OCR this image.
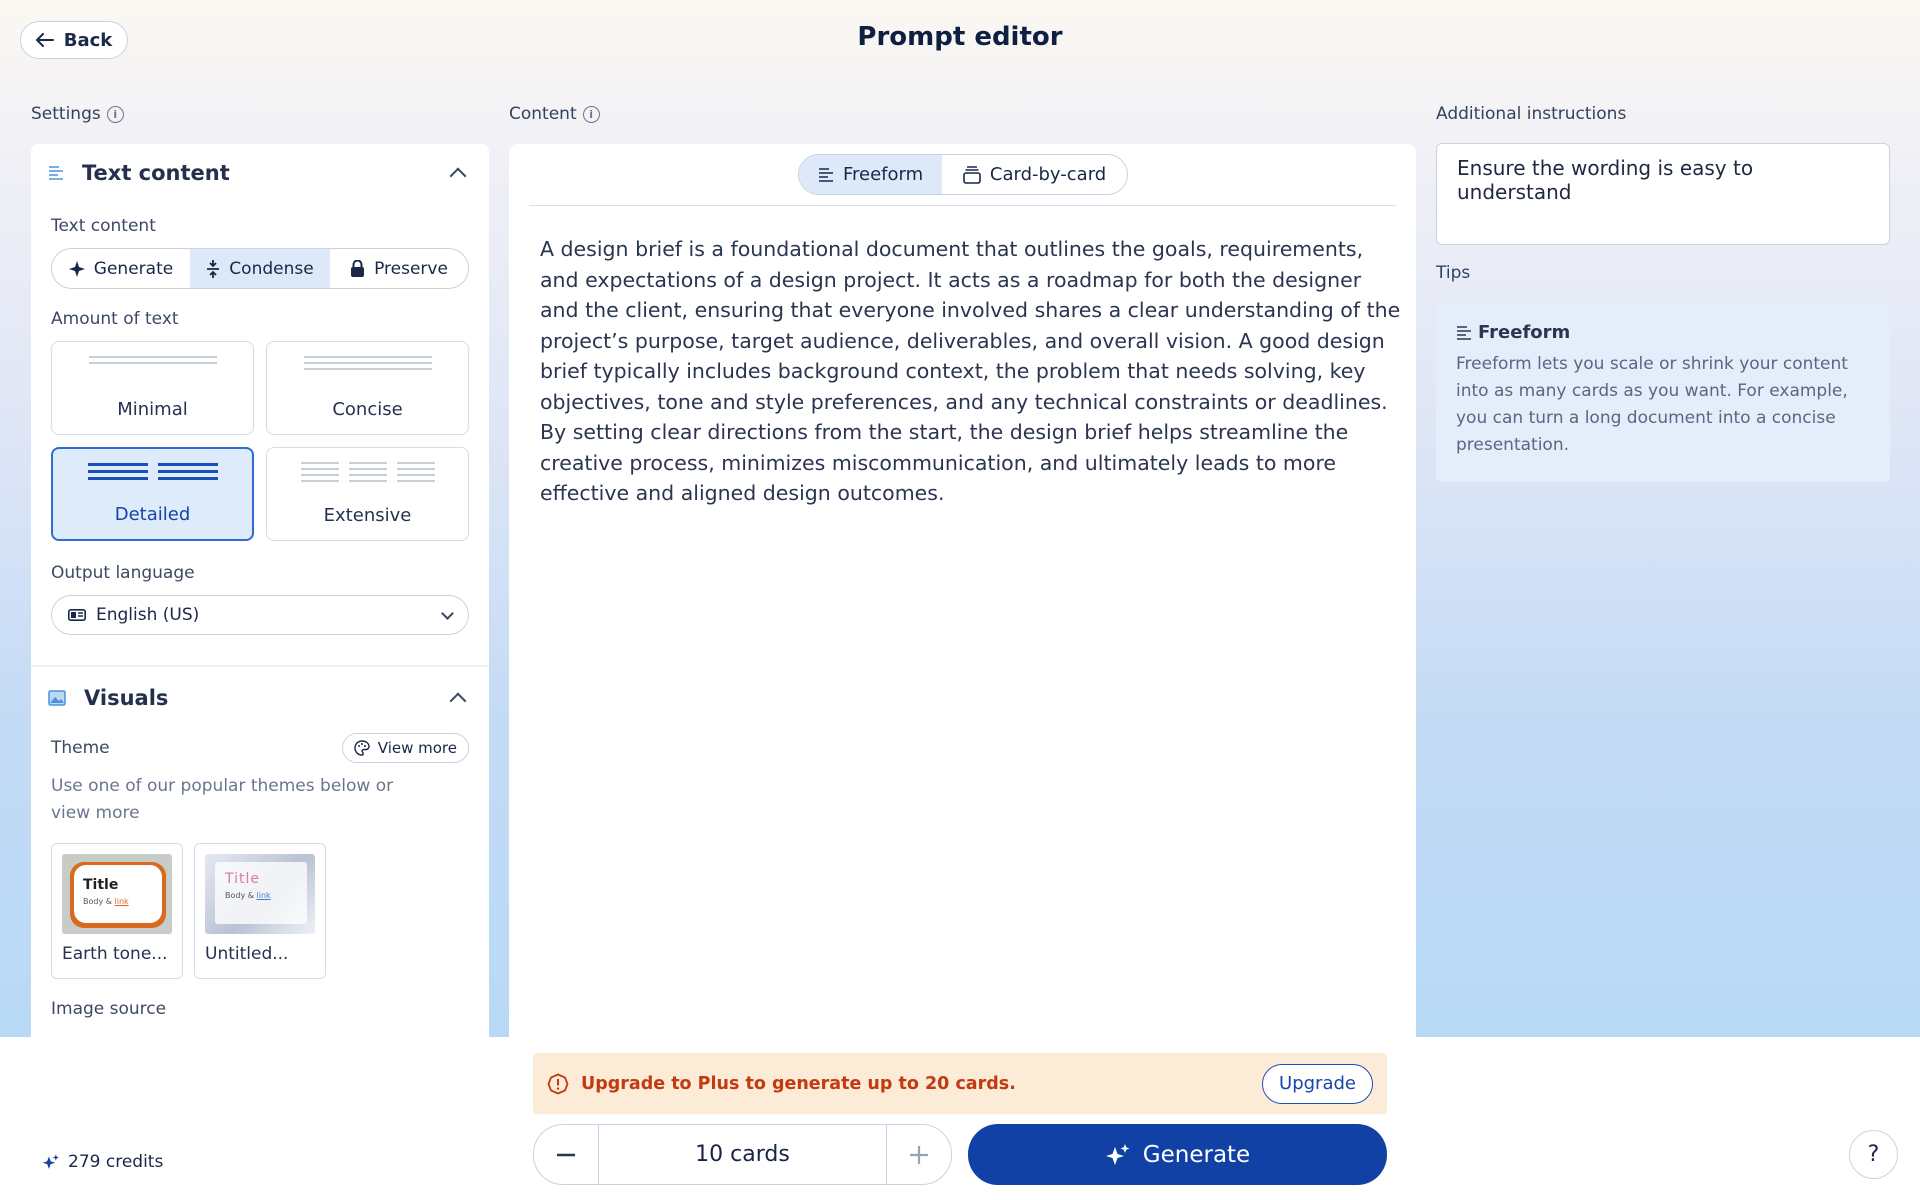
Back	Prompt editor
Settings	i	Content	i	Additional instructions
Tips
Text content
Text content
Generate	Condense	Preserve
Amount of text
Minimal	Concise
Detailed	Extensive
Output language
English (US)
Visuals
Theme	View more
Use one of our popular themes below or view more
Title
Body & link
Earth tone...
Title
Body & link
Untitled...
Image source
Freeform	Card-by-card
A design brief is a foundational document that outlines the goals, requirements, and expectations of a design project. It acts as a roadmap for both the designer and the client, ensuring that everyone involved shares a clear understanding of the project’s purpose, target audience, deliverables, and overall vision. A good design brief typically includes background context, the problem that needs solving, key objectives, tone and style preferences, and any technical constraints or deadlines. By setting clear directions from the start, the design brief helps streamline the creative process, minimizes miscommunication, and ultimately leads to more effective and aligned design outcomes.
Ensure the wording is easy to understand
Freeform
Freeform lets you scale or shrink your content into as many cards as you want. For example, you can turn a long document into a concise presentation.
Upgrade to Plus to generate up to 20 cards.	Upgrade
10 cards	Generate
279 credits	?
